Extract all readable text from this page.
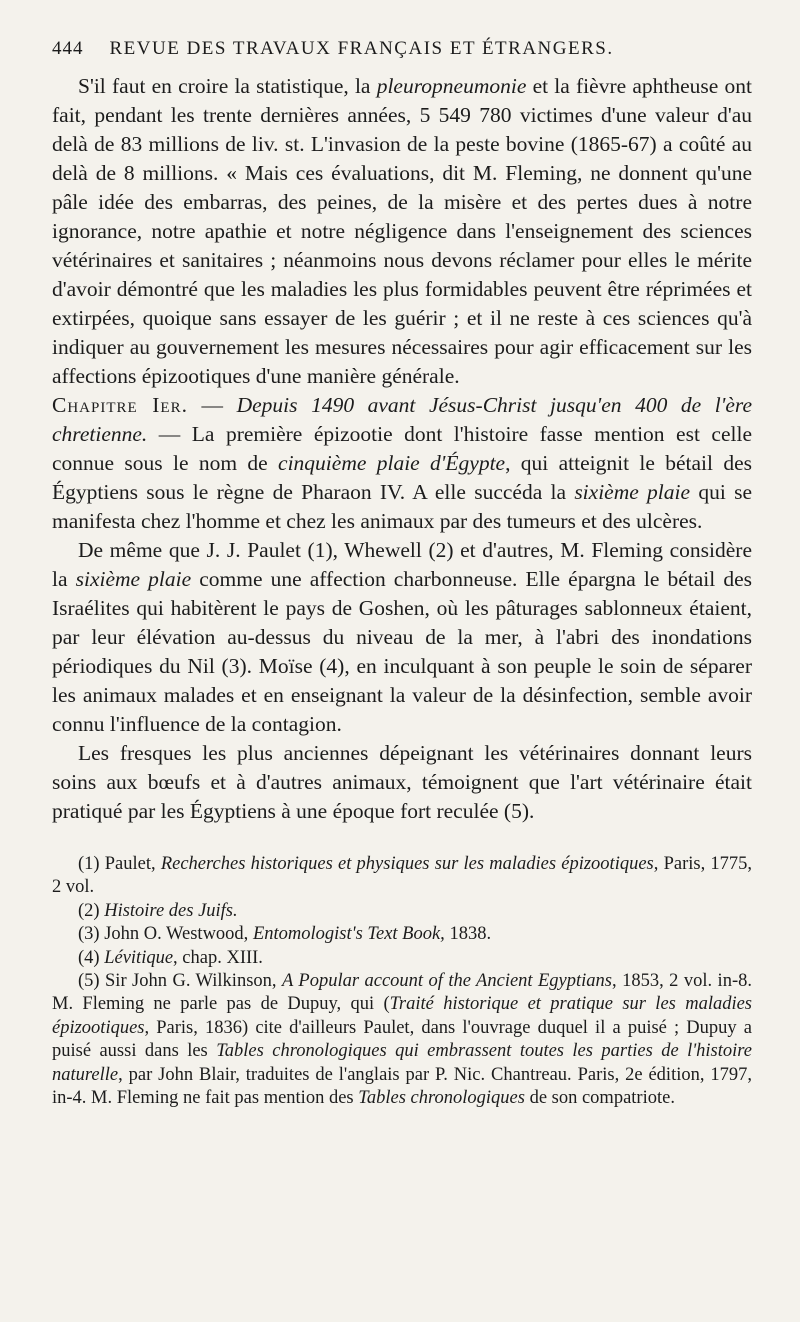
444 REVUE DES TRAVAUX FRANÇAIS ET ÉTRANGERS.

S'il faut en croire la statistique, la pleuropneumonie et la fièvre aphtheuse ont fait, pendant les trente dernières années, 5 549 780 victimes d'une valeur d'au delà de 83 millions de liv. st. L'invasion de la peste bovine (1865-67) a coûté au delà de 8 millions. « Mais ces évaluations, dit M. Fleming, ne donnent qu'une pâle idée des embarras, des peines, de la misère et des pertes dues à notre ignorance, notre apathie et notre négligence dans l'enseignement des sciences vétérinaires et sanitaires ; néanmoins nous devons réclamer pour elles le mérite d'avoir démontré que les maladies les plus formidables peuvent être réprimées et extirpées, quoique sans essayer de les guérir ; et il ne reste à ces sciences qu'à indiquer au gouvernement les mesures nécessaires pour agir efficacement sur les affections épizootiques d'une manière générale.

Chapitre Ier. — Depuis 1490 avant Jésus-Christ jusqu'en 400 de l'ère chretienne. — La première épizootie dont l'histoire fasse mention est celle connue sous le nom de cinquième plaie d'Égypte, qui atteignit le bétail des Égyptiens sous le règne de Pharaon IV. A elle succéda la sixième plaie qui se manifesta chez l'homme et chez les animaux par des tumeurs et des ulcères.

De même que J. J. Paulet (1), Whewell (2) et d'autres, M. Fleming considère la sixième plaie comme une affection charbonneuse. Elle épargna le bétail des Israélites qui habitèrent le pays de Goshen, où les pâturages sablonneux étaient, par leur élévation au-dessus du niveau de la mer, à l'abri des inondations périodiques du Nil (3). Moïse (4), en inculquant à son peuple le soin de séparer les animaux malades et en enseignant la valeur de la désinfection, semble avoir connu l'influence de la contagion.

Les fresques les plus anciennes dépeignant les vétérinaires donnant leurs soins aux bœufs et à d'autres animaux, témoignent que l'art vétérinaire était pratiqué par les Égyptiens à une époque fort reculée (5).

(1) Paulet, Recherches historiques et physiques sur les maladies épizootiques, Paris, 1775, 2 vol.

(2) Histoire des Juifs.

(3) John O. Westwood, Entomologist's Text Book, 1838.

(4) Lévitique, chap. XIII.

(5) Sir John G. Wilkinson, A Popular account of the Ancient Egyptians, 1853, 2 vol. in-8. M. Fleming ne parle pas de Dupuy, qui (Traité historique et pratique sur les maladies épizootiques, Paris, 1836) cite d'ailleurs Paulet, dans l'ouvrage duquel il a puisé ; Dupuy a puisé aussi dans les Tables chronologiques qui embrassent toutes les parties de l'histoire naturelle, par John Blair, traduites de l'anglais par P. Nic. Chantreau. Paris, 2e édition, 1797, in-4. M. Fleming ne fait pas mention des Tables chronologiques de son compatriote.
